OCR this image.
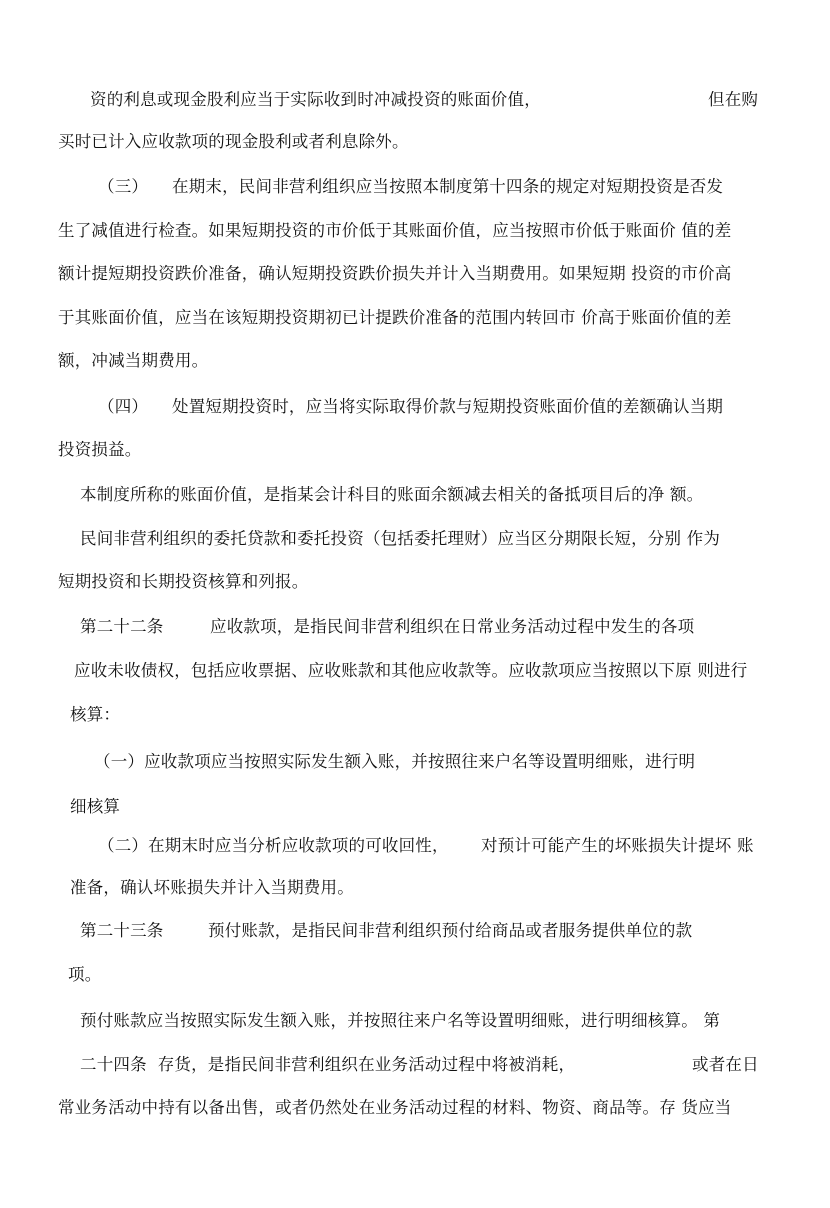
​

资的利息或现金股利应当于实际收到时冲减投资的账面价值，

	但在购

买时已计入应收款项的现金股利或者利息除外。

（三）

在期末，民间非营利组织应当按照本制度第十四条的规定对短期投资是否发

生了减值进行检查。如果短期投资的市价低于其账面价值，应当按照市价低于账面价 值的差

额计提短期投资跌价准备，确认短期投资跌价损失并计入当期费用。如果短期 投资的市价高

于其账面价值，应当在该短期投资期初已计提跌价准备的范围内转回市 价高于账面价值的差

额，冲减当期费用。

（四）

处置短期投资时，应当将实际取得价款与短期投资账面价值的差额确认当期

投资损益。

本制度所称的账面价值，是指某会计科目的账面余额减去相关的备抵项目后的净 额。

民间非营利组织的委托贷款和委托投资（包括委托理财）应当区分期限长短，分别 作为

短期投资和长期投资核算和列报。

第二十二条

	应收款项，是指民间非营利组织在日常业务活动过程中发生的各项

应收未收债权，包括应收票据、应收账款和其他应收款等。应收款项应当按照以下原 则进行

核算：

（一）应收款项应当按照实际发生额入账，并按照往来户名等设置明细账，进行明

细核算

（二）在期末时应当分析应收款项的可收回性，

对预计可能产生的坏账损失计提坏 账

准备，确认坏账损失并计入当期费用。

第二十三条

	预付账款，是指民间非营利组织预付给商品或者服务提供单位的款

项。

预付账款应当按照实际发生额入账，并按照往来户名等设置明细账，进行明细核算。 第

二十四条  存货，是指民间非营利组织在业务活动过程中将被消耗，

	或者在日

常业务活动中持有以备出售，或者仍然处在业务活动过程的材料、物资、商品等。存 货应当
